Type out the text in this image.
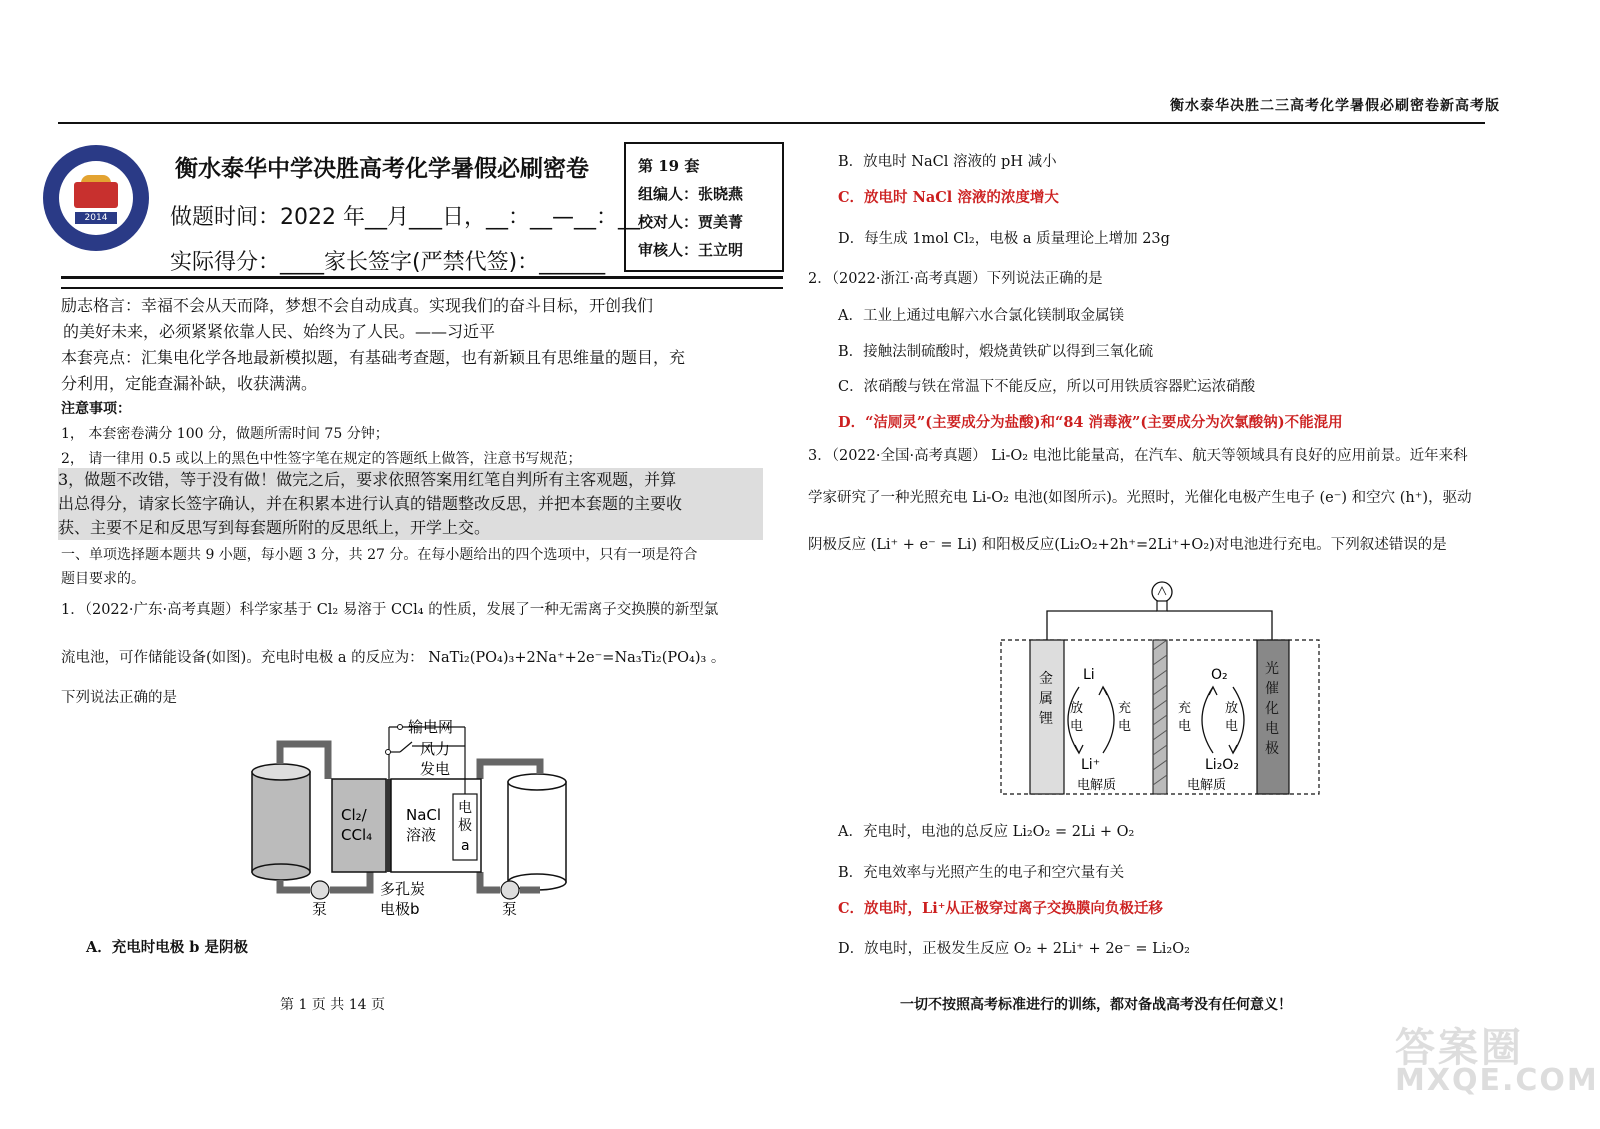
衡水泰华决胜二三高考化学暑假必刷密卷新高考版
2014
衡水泰华中学决胜高考化学暑假必刷密卷
做题时间：2022 年__月___日，__：__—__：__
实际得分：____家长签字(严禁代签)：______
第 19 套
组编人：张晓燕
校对人：贾美菁
审核人：王立明
励志格言：幸福不会从天而降，梦想不会自动成真。实现我们的奋斗目标，开创我们
的美好未来，必须紧紧依靠人民、始终为了人民。——习近平
本套亮点：汇集电化学各地最新模拟题，有基础考查题，也有新颖且有思维量的题目，充
分利用，定能查漏补缺，收获满满。
注意事项：
1， 本套密卷满分 100 分，做题所需时间 75 分钟；
2， 请一律用 0.5 或以上的黑色中性签字笔在规定的答题纸上做答，注意书写规范；
3，做题不改错，等于没有做！做完之后，要求依照答案用红笔自判所有主客观题，并算
出总得分，请家长签字确认，并在积累本进行认真的错题整改反思，并把本套题的主要收
获、主要不足和反思写到每套题所附的反思纸上，开学上交。
一、单项选择题本题共 9 小题，每小题 3 分，共 27 分。在每小题给出的四个选项中，只有一项是符合
题目要求的。
1．（2022·广东·高考真题）科学家基于 Cl₂ 易溶于 CCl₄ 的性质，发展了一种无需离子交换膜的新型氯
流电池，可作储能设备(如图)。充电时电极 a 的反应为： NaTi₂(PO₄)₃+2Na⁺+2e⁻=Na₃Ti₂(PO₄)₃ 。
下列说法正确的是
输电网
风力
发电
Cl₂/
CCl₄
NaCl
溶液
电
极
a
多孔炭
电极b
泵	泵
A．充电时电极 b 是阴极
B．放电时 NaCl 溶液的 pH 减小
C．放电时 NaCl 溶液的浓度增大
D．每生成 1mol Cl₂，电极 a 质量理论上增加 23g
2．（2022·浙江·高考真题）下列说法正确的是
A．工业上通过电解六水合氯化镁制取金属镁
B．接触法制硫酸时，煅烧黄铁矿以得到三氧化硫
C．浓硝酸与铁在常温下不能反应，所以可用铁质容器贮运浓硝酸
D．“洁厕灵”(主要成分为盐酸)和“84 消毒液”(主要成分为次氯酸钠)不能混用
3．（2022·全国·高考真题） Li-O₂ 电池比能量高，在汽车、航天等领域具有良好的应用前景。近年来科
学家研究了一种光照充电 Li-O₂ 电池(如图所示)。光照时，光催化电极产生电子 (e⁻) 和空穴 (h⁺)，驱动
阴极反应 (Li⁺ + e⁻ = Li) 和阳极反应(Li₂O₂+2h⁺=2Li⁺+O₂)对电池进行充电。下列叙述错误的是
金
属
锂
光
催
化
电
极
Li
Li⁺
放
电
充
电
O₂
Li₂O₂
充
电
放
电
电解质	电解质
A．充电时，电池的总反应 Li₂O₂ = 2Li + O₂
B．充电效率与光照产生的电子和空穴量有关
C．放电时，Li⁺从正极穿过离子交换膜向负极迁移
D．放电时，正极发生反应 O₂ + 2Li⁺ + 2e⁻ = Li₂O₂
第 1 页 共 14 页	一切不按照高考标准进行的训练，都对备战高考没有任何意义！
答案圈
MXQE.COM
